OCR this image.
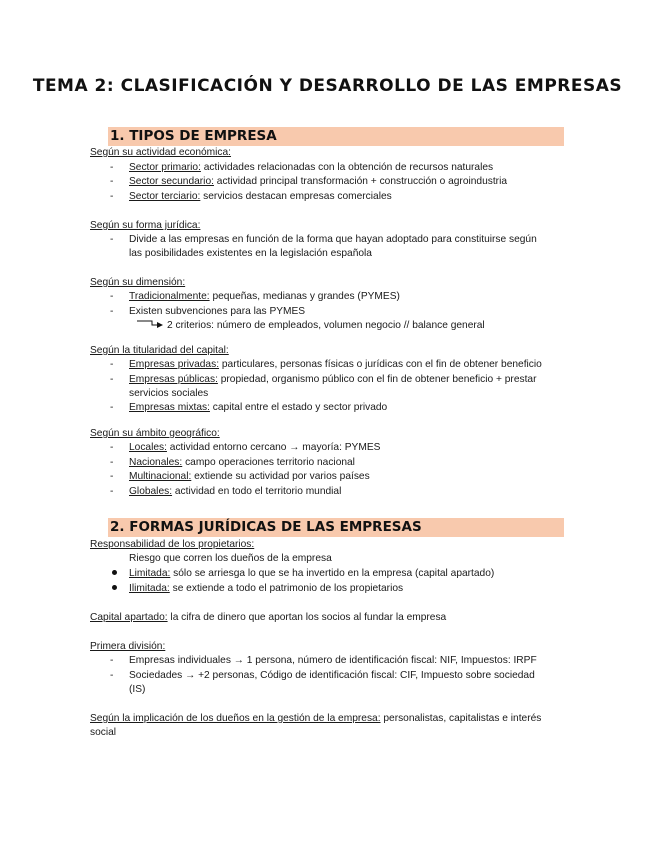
TEMA 2: CLASIFICACIÓN Y DESARROLLO DE LAS EMPRESAS
1. TIPOS DE EMPRESA
Según su actividad económica:
- Sector primario: actividades relacionadas con la obtención de recursos naturales
- Sector secundario: actividad principal transformación + construcción o agroindustria
- Sector terciario: servicios destacan empresas comerciales
Según su forma jurídica:
- Divide a las empresas en función de la forma que hayan adoptado para constituirse según
las posibilidades existentes en la legislación española
Según su dimensión:
- Tradicionalmente: pequeñas, medianas y grandes (PYMES)
- Existen subvenciones para las PYMES
2 criterios: número de empleados, volumen negocio // balance general
Según la titularidad del capital:
- Empresas privadas: particulares, personas físicas o jurídicas con el fin de obtener beneficio
- Empresas públicas: propiedad, organismo público con el fin de obtener beneficio + prestar
servicios sociales
- Empresas mixtas: capital entre el estado y sector privado
Según su ámbito geográfico:
- Locales: actividad entorno cercano → mayoría: PYMES
- Nacionales: campo operaciones territorio nacional
- Multinacional: extiende su actividad por varios países
- Globales: actividad en todo el territorio mundial
2. FORMAS JURÍDICAS DE LAS EMPRESAS
Responsabilidad de los propietarios:
Riesgo que corren los dueños de la empresa
Limitada: sólo se arriesga lo que se ha invertido en la empresa (capital apartado)
Ilimitada: se extiende a todo el patrimonio de los propietarios
Capital apartado: la cifra de dinero que aportan los socios al fundar la empresa
Primera división:
- Empresas individuales → 1 persona, número de identificación fiscal: NIF, Impuestos: IRPF
- Sociedades → +2 personas, Código de identificación fiscal: CIF, Impuesto sobre sociedad
(IS)
Según la implicación de los dueños en la gestión de la empresa: personalistas, capitalistas e interés
social
